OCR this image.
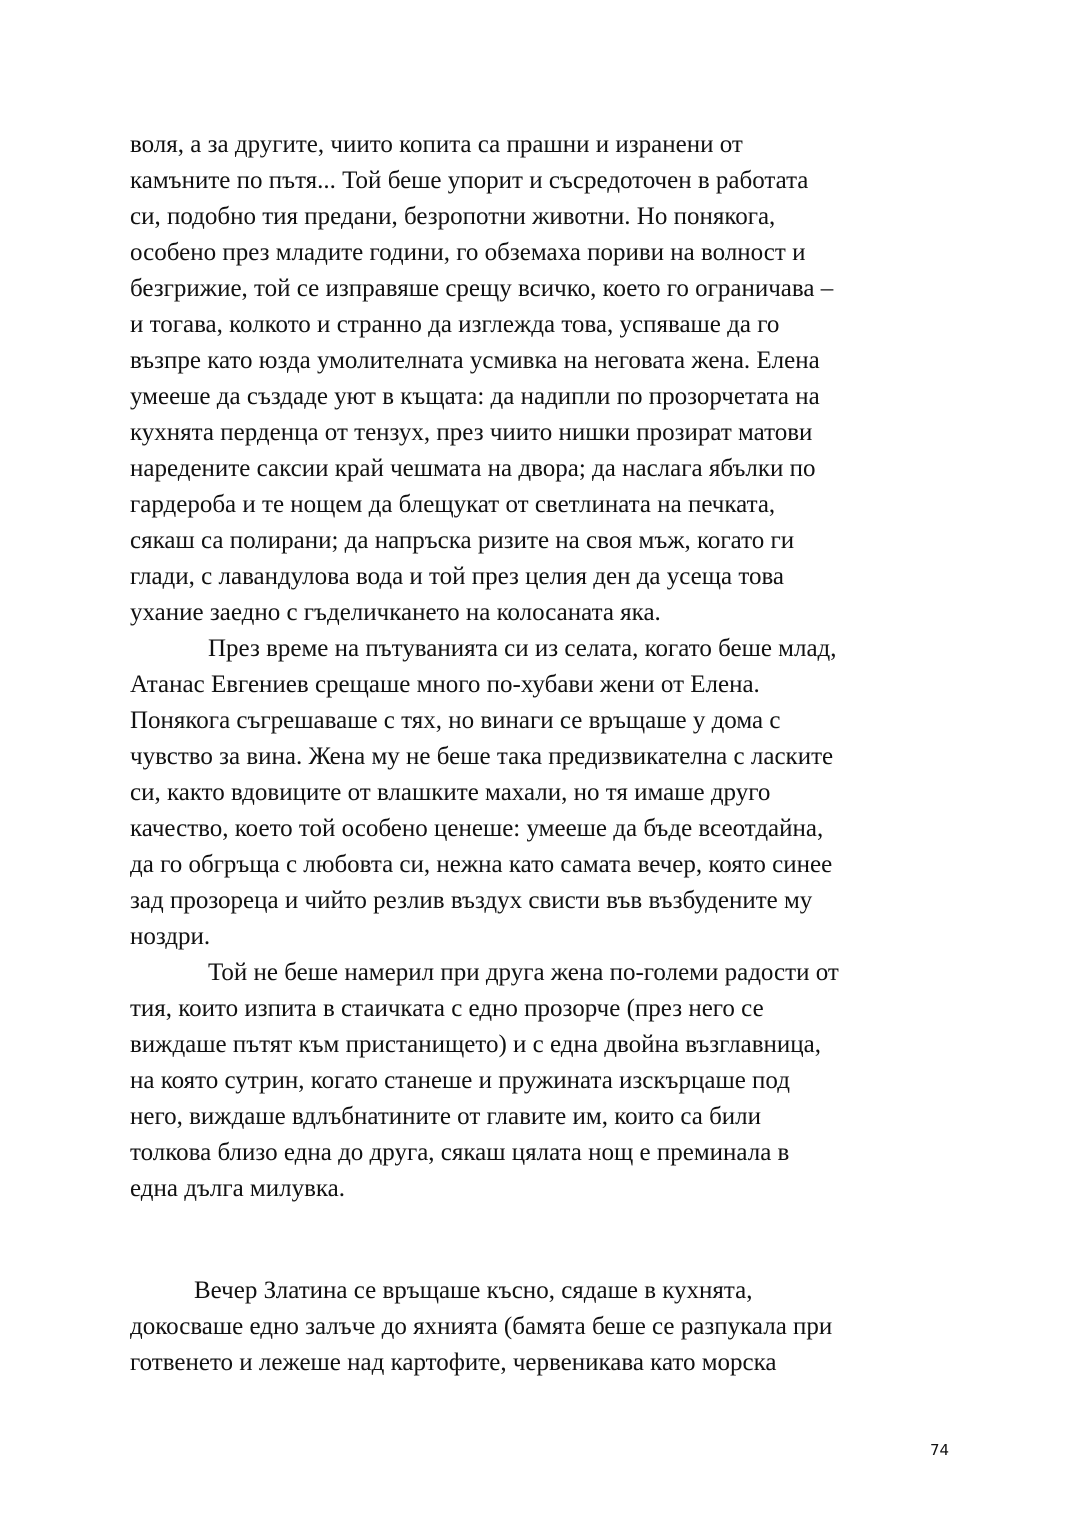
воля, а за другите, чиито копита са прашни и изранени от
камъните по пътя... Той беше упорит и съсредоточен в работата
си, подобно тия предани, безропотни животни. Но понякога,
особено през младите години, го обземаха пориви на волност и
безгрижие, той се изправяше срещу всичко, което го ограничава –
и тогава, колкото и странно да изглежда това, успяваше да го
възпре като юзда умолителната усмивка на неговата жена. Елена
умееше да създаде уют в къщата: да надипли по прозорчетата на
кухнята перденца от тензух, през чиито нишки прозират матови
наредените саксии край чешмата на двора; да наслага ябълки по
гардероба и те нощем да блещукат от светлината на печката,
сякаш са полирани; да напръска ризите на своя мъж, когато ги
глади, с лавандулова вода и той през целия ден да усеща това
ухание заедно с гъделичкането на колосаната яка.
През време на пътуванията си из селата, когато беше млад,
Атанас Евгениев срещаше много по-хубави жени от Елена.
Понякога съгрешаваше с тях, но винаги се връщаше у дома с
чувство за вина. Жена му не беше така предизвикателна с ласките
си, както вдовиците от влашките махали, но тя имаше друго
качество, което той особено ценеше: умееше да бъде всеотдайна,
да го обгръща с любовта си, нежна като самата вечер, която синее
зад прозореца и чийто резлив въздух свисти във възбудените му
ноздри.
Той не беше намерил при друга жена по-големи радости от
тия, които изпита в стаичката с едно прозорче (през него се
виждаше пътят към пристанището) и с една двойна възглавница,
на която сутрин, когато станеше и пружината изскърцаше под
него, виждаше вдлъбнатините от главите им, които са били
толкова близо една до друга, сякаш цялата нощ е преминала в
една дълга милувка.
Вечер Златина се връщаше късно, сядаше в кухнята,
докосваше едно залъче до яхнията (бамята беше се разпукала при
готвенето и лежеше над картофите, червеникава като морска
74
